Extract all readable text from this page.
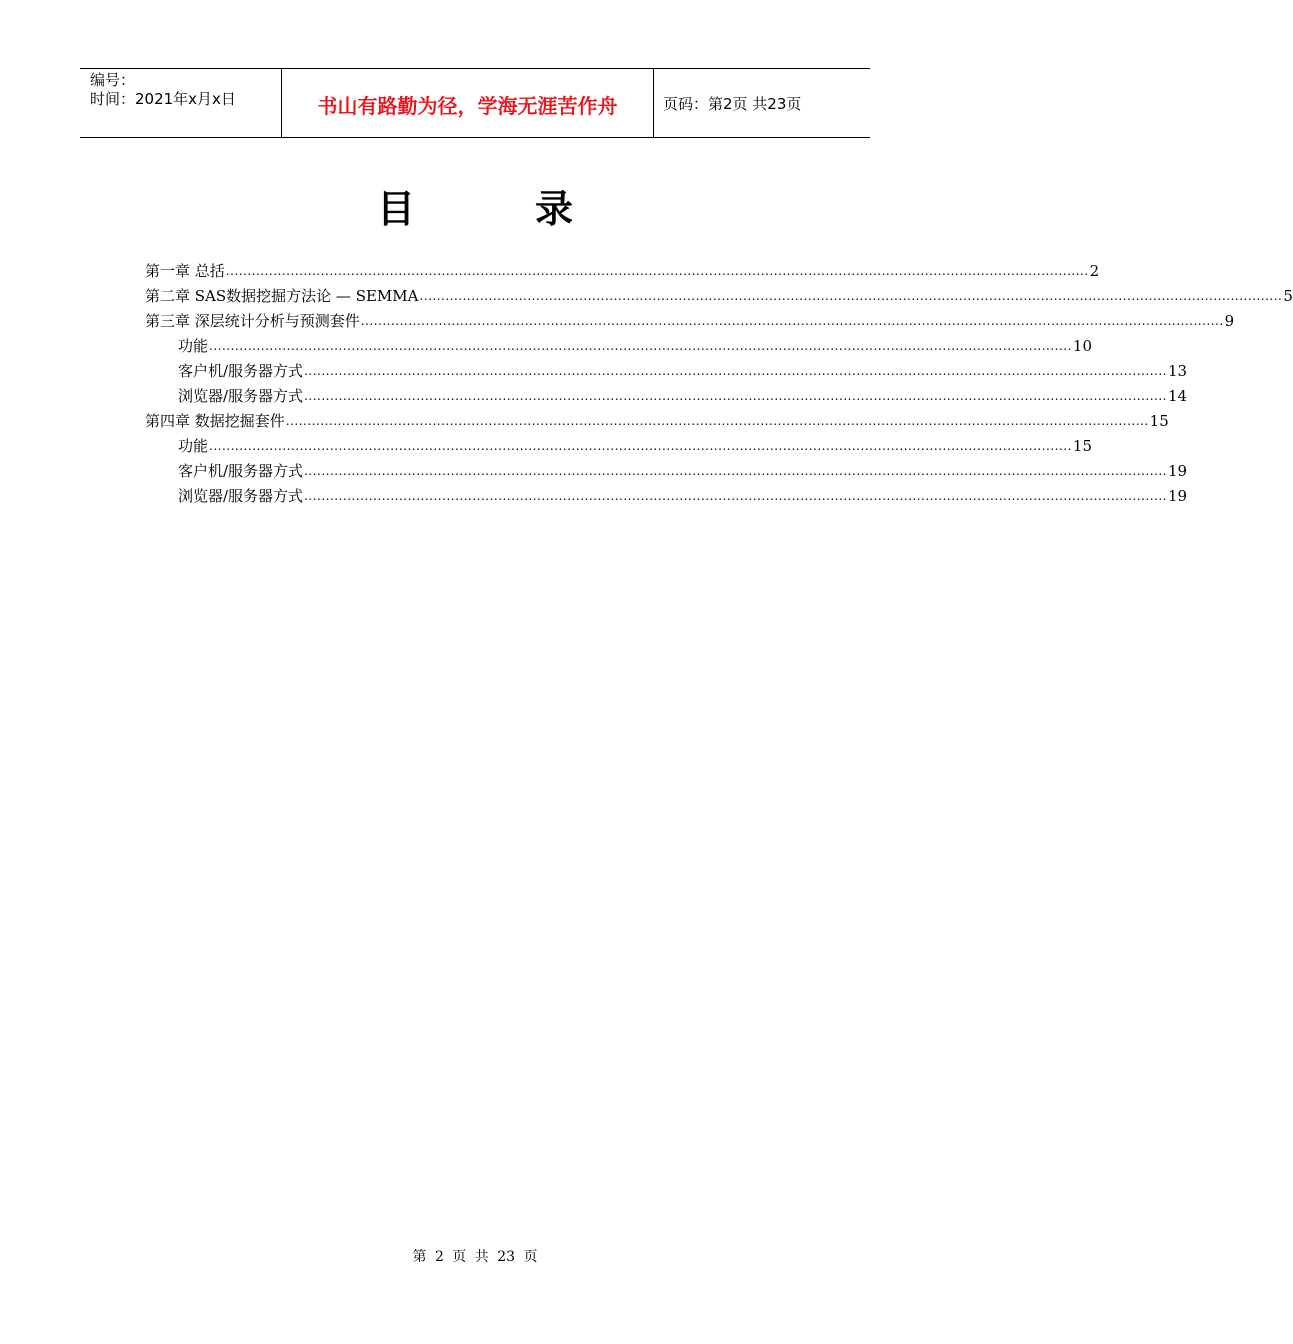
编号：
时间：2021年x月x日	书山有路勤为径，学海无涯苦作舟	页码：第2页 共23页
目录
第一章 总括 ........................................................................................................................................................................................................ 2
第二章 SAS数据挖掘方法论 — SEMMA ........................................................................................................................................................................................................ 5
第三章 深层统计分析与预测套件 ........................................................................................................................................................................................................ 9
功能 ........................................................................................................................................................................................................ 10
客户机/服务器方式 ........................................................................................................................................................................................................ 13
浏览器/服务器方式 ........................................................................................................................................................................................................ 14
第四章 数据挖掘套件 ........................................................................................................................................................................................................ 15
功能 ........................................................................................................................................................................................................ 15
客户机/服务器方式 ........................................................................................................................................................................................................ 19
浏览器/服务器方式 ........................................................................................................................................................................................................ 19
第 2 页 共 23 页
